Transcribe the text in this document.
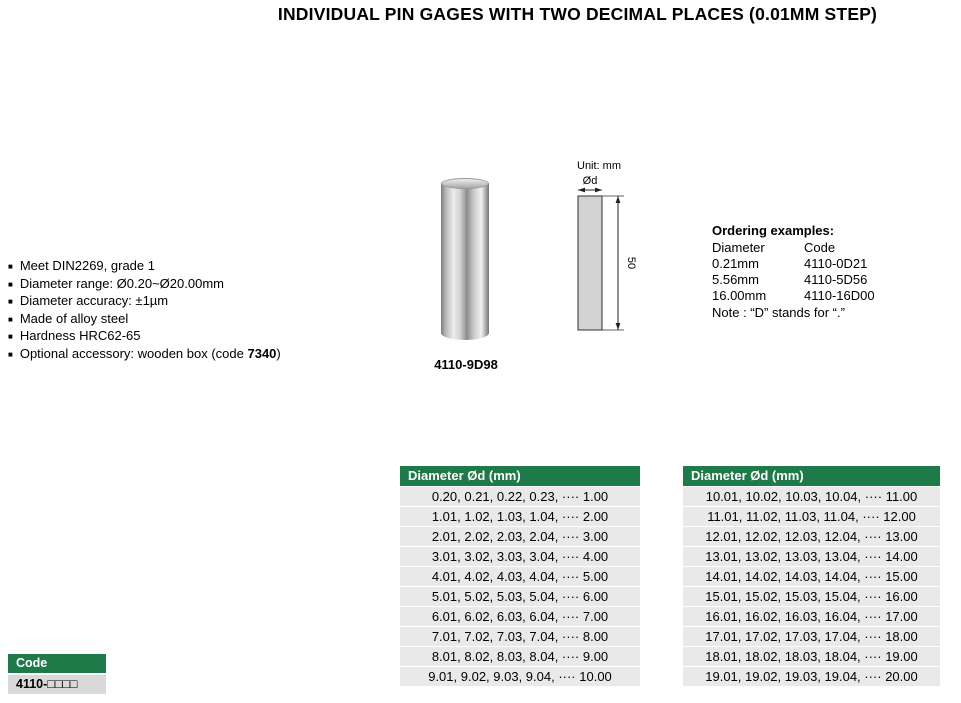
INDIVIDUAL PIN GAGES WITH TWO DECIMAL PLACES (0.01MM STEP)
■ Meet DIN2269, grade 1
■ Diameter range: Ø0.20~Ø20.00mm
■ Diameter accuracy: ±1µm
■ Made of alloy steel
■ Hardness HRC62-65
■ Optional accessory: wooden box (code 7340)
4110-9D98
Unit: mm
Ød
50
Ordering examples:
Diameter	Code
0.21mm	4110-0D21
5.56mm	4110-5D56
16.00mm	4110-16D00
Note : “D” stands for “.”
Diameter Ød (mm)
0.20, 0.21, 0.22, 0.23, ···· 1.00
1.01, 1.02, 1.03, 1.04, ···· 2.00
2.01, 2.02, 2.03, 2.04, ···· 3.00
3.01, 3.02, 3.03, 3.04, ···· 4.00
4.01, 4.02, 4.03, 4.04, ···· 5.00
5.01, 5.02, 5.03, 5.04, ···· 6.00
6.01, 6.02, 6.03, 6.04, ···· 7.00
7.01, 7.02, 7.03, 7.04, ···· 8.00
8.01, 8.02, 8.03, 8.04, ···· 9.00
9.01, 9.02, 9.03, 9.04, ···· 10.00
Diameter Ød (mm)
10.01, 10.02, 10.03, 10.04, ···· 11.00
11.01, 11.02, 11.03, 11.04, ···· 12.00
12.01, 12.02, 12.03, 12.04, ···· 13.00
13.01, 13.02, 13.03, 13.04, ···· 14.00
14.01, 14.02, 14.03, 14.04, ···· 15.00
15.01, 15.02, 15.03, 15.04, ···· 16.00
16.01, 16.02, 16.03, 16.04, ···· 17.00
17.01, 17.02, 17.03, 17.04, ···· 18.00
18.01, 18.02, 18.03, 18.04, ···· 19.00
19.01, 19.02, 19.03, 19.04, ···· 20.00
Code
4110-□□□□
